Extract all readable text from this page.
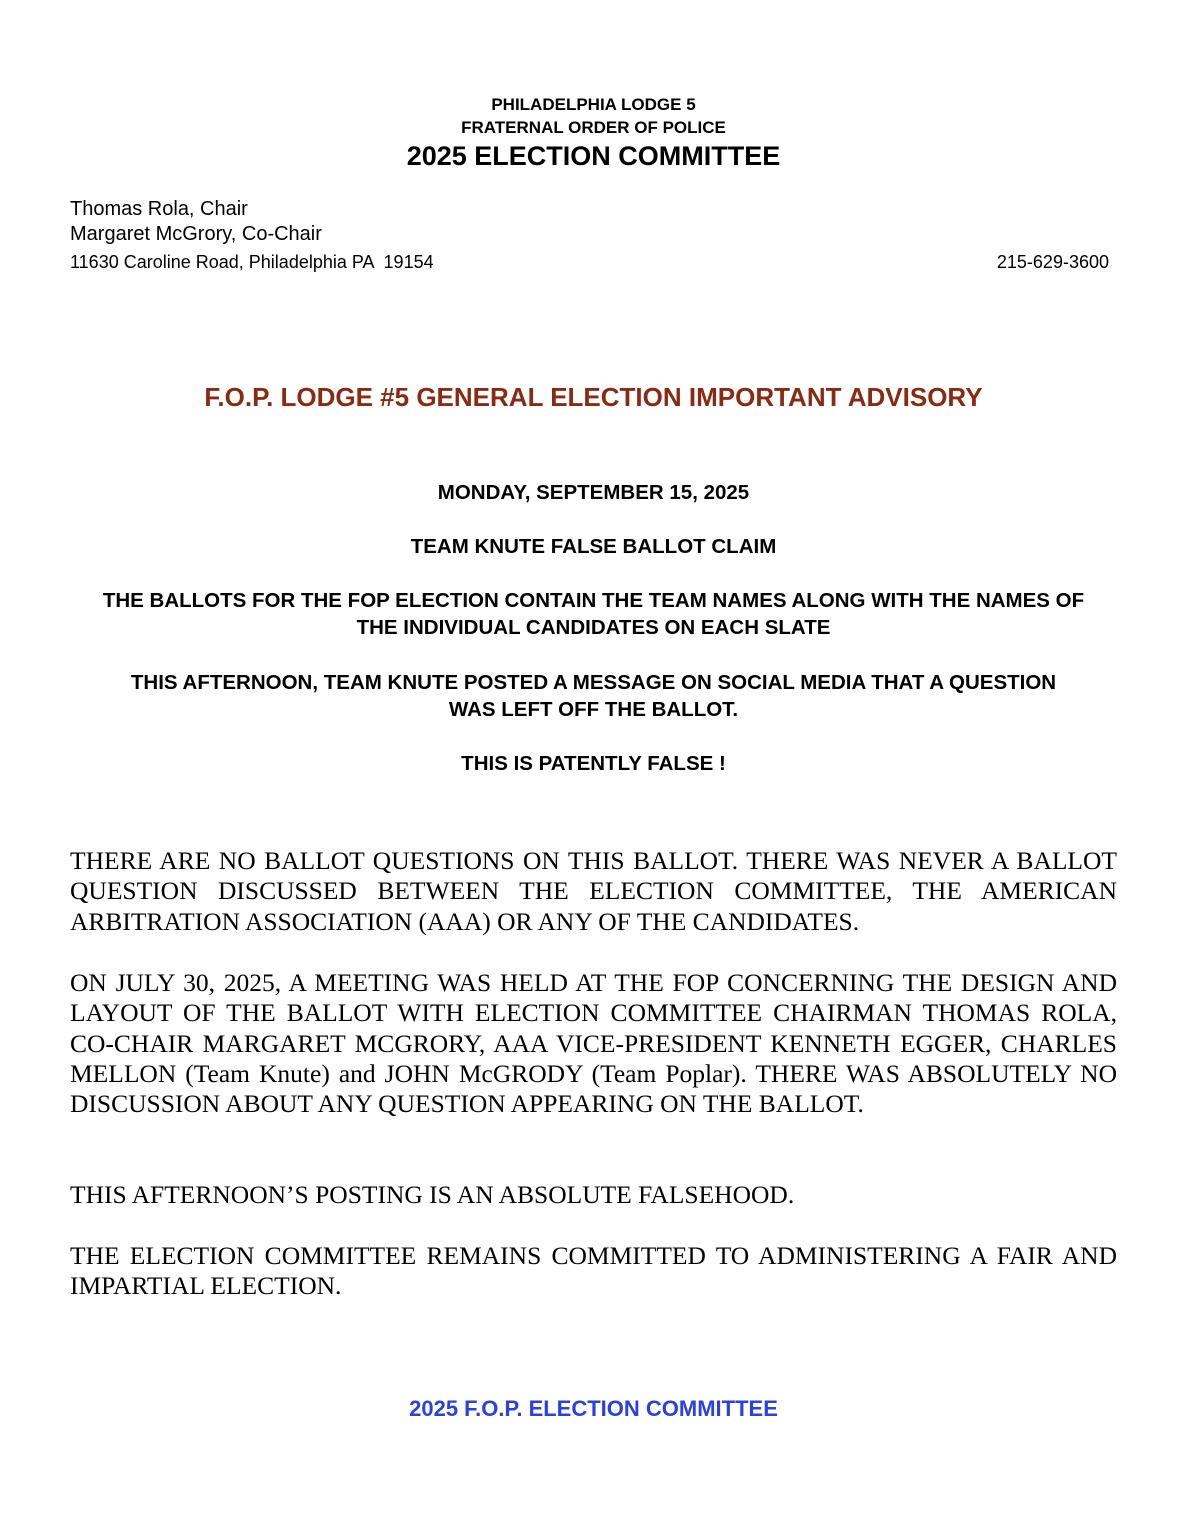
PHILADELPHIA LODGE 5
FRATERNAL ORDER OF POLICE
2025 ELECTION COMMITTEE
Thomas Rola, Chair
Margaret McGrory, Co-Chair
11630 Caroline Road, Philadelphia PA  19154	215-629-3600
F.O.P. LODGE #5 GENERAL ELECTION IMPORTANT ADVISORY
MONDAY, SEPTEMBER 15, 2025
TEAM KNUTE FALSE BALLOT CLAIM
THE BALLOTS FOR THE FOP ELECTION CONTAIN THE TEAM NAMES ALONG WITH THE NAMES OF THE INDIVIDUAL CANDIDATES ON EACH SLATE
THIS AFTERNOON, TEAM KNUTE POSTED A MESSAGE ON SOCIAL MEDIA THAT A QUESTION WAS LEFT OFF THE BALLOT.
THIS IS PATENTLY FALSE !
THERE ARE NO BALLOT QUESTIONS ON THIS BALLOT. THERE WAS NEVER A BALLOT QUESTION DISCUSSED BETWEEN THE ELECTION COMMITTEE, THE AMERICAN ARBITRATION ASSOCIATION (AAA) OR ANY OF THE CANDIDATES.
ON JULY 30, 2025, A MEETING WAS HELD AT THE FOP CONCERNING THE DESIGN AND LAYOUT OF THE BALLOT WITH ELECTION COMMITTEE CHAIRMAN THOMAS ROLA, CO-CHAIR MARGARET MCGRORY, AAA VICE-PRESIDENT KENNETH EGGER, CHARLES MELLON (Team Knute) and JOHN McGRODY (Team Poplar). THERE WAS ABSOLUTELY NO DISCUSSION ABOUT ANY QUESTION APPEARING ON THE BALLOT.
THIS AFTERNOON’S POSTING IS AN ABSOLUTE FALSEHOOD.
THE ELECTION COMMITTEE REMAINS COMMITTED TO ADMINISTERING A FAIR AND IMPARTIAL ELECTION.
2025 F.O.P. ELECTION COMMITTEE
